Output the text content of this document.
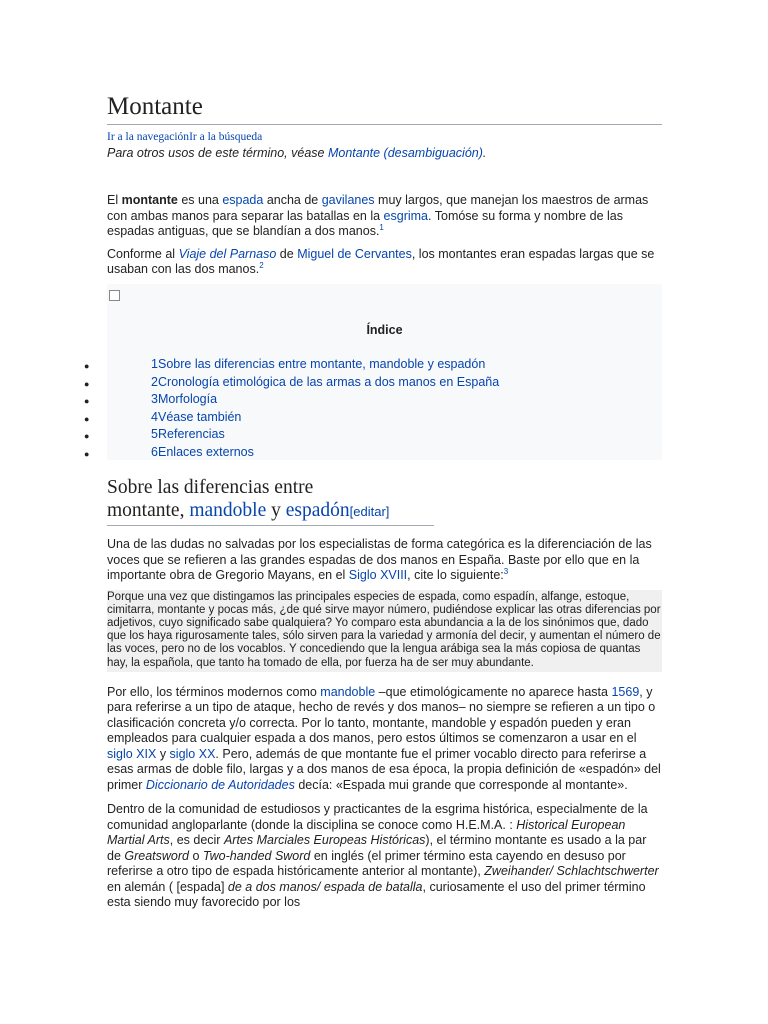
Montante
Ir a la navegaciónIr a la búsqueda
Para otros usos de este término, véase Montante (desambiguación).

El montante es una espada ancha de gavilanes muy largos, que manejan los maestros de armas con ambas manos para separar las batallas en la esgrima. Tomóse su forma y nombre de las espadas antiguas, que se blandían a dos manos.$^1$

Conforme al Viaje del Parnaso de Miguel de Cervantes, los montantes eran espadas largas que se usaban con las dos manos.$^2$

Índice
●	1 Sobre las diferencias entre montante, mandoble y espadón
●	2 Cronología etimológica de las armas a dos manos en España
●	3 Morfología
●	4 Véase también
●	5 Referencias
●	6 Enlaces externos
Sobre las diferencias entre
montante, mandoble y espadón[editar]

Una de las dudas no salvadas por los especialistas de forma categórica es la diferenciación de las voces que se refieren a las grandes espadas de dos manos en España. Baste por ello que en la importante obra de Gregorio Mayans, en el Siglo XVIII, cite lo siguiente:$^3$

Porque una vez que distingamos las principales especies de espada, como espadín, alfange, estoque, cimitarra, montante y pocas más, ¿de qué sirve mayor número, pudiéndose explicar las otras diferencias por adjetivos, cuyo significado sabe qualquiera? Yo comparo esta abundancia a la de los sinónimos que, dado que los haya rigurosamente tales, sólo sirven para la variedad y armonía del decir, y aumentan el número de las voces, pero no de los vocablos. Y concediendo que la lengua arábiga sea la más copiosa de quantas hay, la española, que tanto ha tomado de ella, por fuerza ha de ser muy abundante.

Por ello, los términos modernos como mandoble –que etimológicamente no aparece hasta 1569, y para referirse a un tipo de ataque, hecho de revés y dos manos– no siempre se refieren a un tipo o clasificación concreta y/o correcta. Por lo tanto, montante, mandoble y espadón pueden y eran empleados para cualquier espada a dos manos, pero estos últimos se comenzaron a usar en el siglo XIX y siglo XX. Pero, además de que montante fue el primer vocablo directo para referirse a esas armas de doble filo, largas y a dos manos de esa época, la propia definición de «espadón» del primer Diccionario de Autoridades decía: «Espada mui grande que corresponde al montante».

Dentro de la comunidad de estudiosos y practicantes de la esgrima histórica, especialmente de la comunidad angloparlante (donde la disciplina se conoce como H.E.M.A. : Historical European Martial Arts, es decir Artes Marciales Europeas Históricas), el término montante es usado a la par de Greatsword o Two-handed Sword en inglés (el primer término esta cayendo en desuso por referirse a otro tipo de espada históricamente anterior al montante), Zweihander/ Schlachtschwerter en alemán ( [espada] de a dos manos/ espada de batalla, curiosamente el uso del primer término esta siendo muy favorecido por los
